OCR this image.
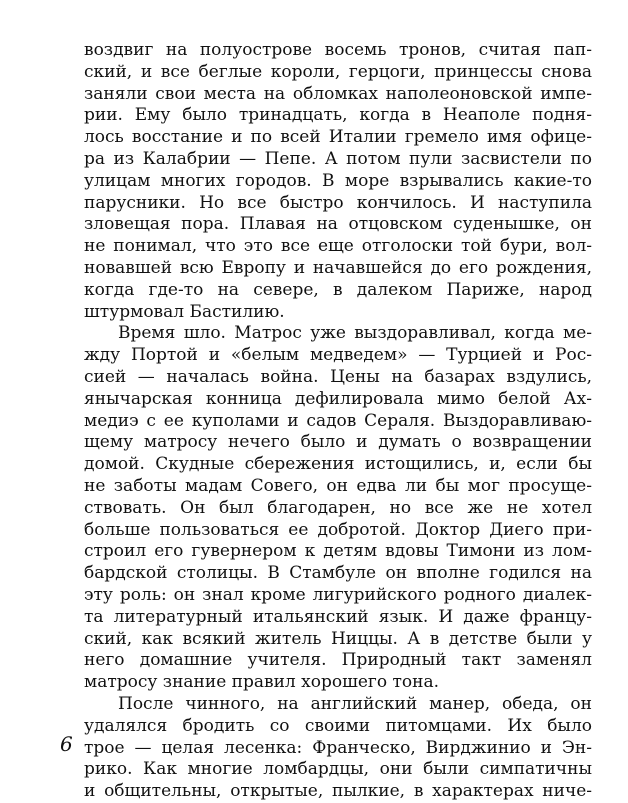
воздвиг на полуострове восемь тронов, считая пап-
ский, и все беглые короли, герцоги, принцессы снова
заняли свои места на обломках наполеоновской импе-
рии. Ему было тринадцать, когда в Неаполе подня-
лось восстание и по всей Италии гремело имя офице-
ра из Калабрии — Пепе. А потом пули засвистели по
улицам многих городов. В море взрывались какие-то
парусники. Но все быстро кончилось. И наступила
зловещая пора. Плавая на отцовском суденышке, он
не понимал, что это все еще отголоски той бури, вол-
новавшей всю Европу и начавшейся до его рождения,
когда где-то на севере, в далеком Париже, народ
штурмовал Бастилию.
Время шло. Матрос уже выздоравливал, когда ме-
жду Портой и «белым медведем» — Турцией и Рос-
сией — началась война. Цены на базарах вздулись,
янычарская конница дефилировала мимо белой Ах-
медиэ с ее куполами и садов Сераля. Выздоравливаю-
щему матросу нечего было и думать о возвращении
домой. Скудные сбережения истощились, и, если бы
не заботы мадам Совего, он едва ли бы мог просуще-
ствовать. Он был благодарен, но все же не хотел
больше пользоваться ее добротой. Доктор Диего при-
строил его гувернером к детям вдовы Тимони из лом-
бардской столицы. В Стамбуле он вполне годился на
эту роль: он знал кроме лигурийского родного диалек-
та литературный итальянский язык. И даже францу-
ский, как всякий житель Ниццы. А в детстве были у
него домашние учителя. Природный такт заменял
матросу знание правил хорошего тона.
После чинного, на английский манер, обеда, он
удалялся бродить со своими питомцами. Их было
трое — целая лесенка: Франческо, Вирджинио и Эн-
рико. Как многие ломбардцы, они были симпатичны
и общительны, открытые, пылкие, в характерах ниче-
6
